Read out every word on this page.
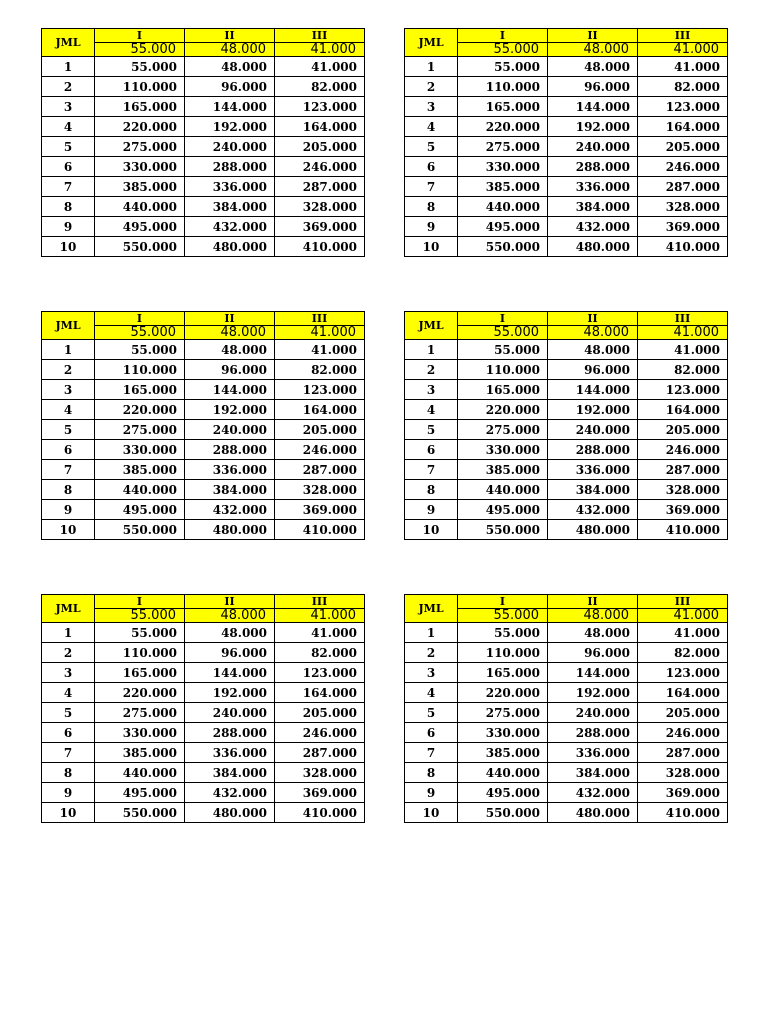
JML	I	II	III
	55.000	48.000	41.000
1	55.000	48.000	41.000
2	110.000	96.000	82.000
3	165.000	144.000	123.000
4	220.000	192.000	164.000
5	275.000	240.000	205.000
6	330.000	288.000	246.000
7	385.000	336.000	287.000
8	440.000	384.000	328.000
9	495.000	432.000	369.000
10	550.000	480.000	410.000
JML	I	II	III
	55.000	48.000	41.000
1	55.000	48.000	41.000
2	110.000	96.000	82.000
3	165.000	144.000	123.000
4	220.000	192.000	164.000
5	275.000	240.000	205.000
6	330.000	288.000	246.000
7	385.000	336.000	287.000
8	440.000	384.000	328.000
9	495.000	432.000	369.000
10	550.000	480.000	410.000
JML	I	II	III
	55.000	48.000	41.000
1	55.000	48.000	41.000
2	110.000	96.000	82.000
3	165.000	144.000	123.000
4	220.000	192.000	164.000
5	275.000	240.000	205.000
6	330.000	288.000	246.000
7	385.000	336.000	287.000
8	440.000	384.000	328.000
9	495.000	432.000	369.000
10	550.000	480.000	410.000
JML	I	II	III
	55.000	48.000	41.000
1	55.000	48.000	41.000
2	110.000	96.000	82.000
3	165.000	144.000	123.000
4	220.000	192.000	164.000
5	275.000	240.000	205.000
6	330.000	288.000	246.000
7	385.000	336.000	287.000
8	440.000	384.000	328.000
9	495.000	432.000	369.000
10	550.000	480.000	410.000
JML	I	II	III
	55.000	48.000	41.000
1	55.000	48.000	41.000
2	110.000	96.000	82.000
3	165.000	144.000	123.000
4	220.000	192.000	164.000
5	275.000	240.000	205.000
6	330.000	288.000	246.000
7	385.000	336.000	287.000
8	440.000	384.000	328.000
9	495.000	432.000	369.000
10	550.000	480.000	410.000
JML	I	II	III
	55.000	48.000	41.000
1	55.000	48.000	41.000
2	110.000	96.000	82.000
3	165.000	144.000	123.000
4	220.000	192.000	164.000
5	275.000	240.000	205.000
6	330.000	288.000	246.000
7	385.000	336.000	287.000
8	440.000	384.000	328.000
9	495.000	432.000	369.000
10	550.000	480.000	410.000
